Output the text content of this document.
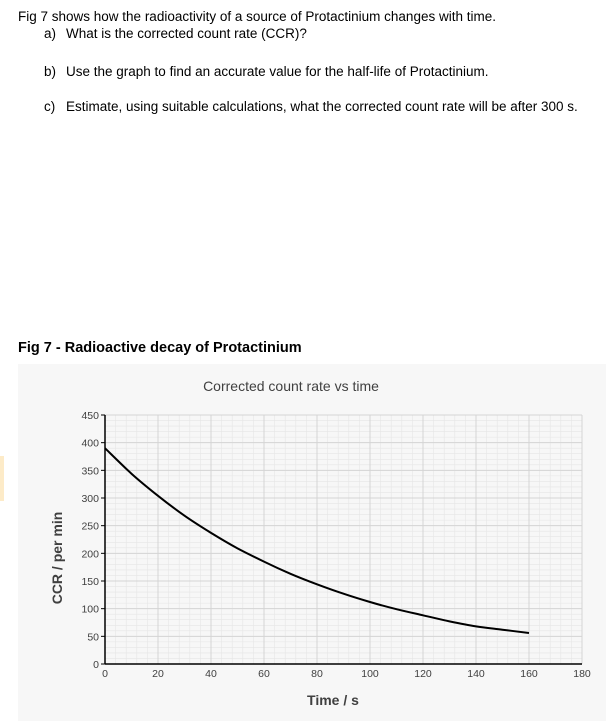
Fig 7 shows how the radioactivity of a source of Protactinium changes with time.
a) What is the corrected count rate (CCR)?
b) Use the graph to find an accurate value for the half-life of Protactinium.
c) Estimate, using suitable calculations, what the corrected count rate will be after 300 s.
Fig 7 - Radioactive decay of Protactinium
Corrected count rate vs time
0
50
100
150
200
250
300
350
400
450
0	20	40	60	80	100	120	140	160	180
Time / s
CCR / per min
